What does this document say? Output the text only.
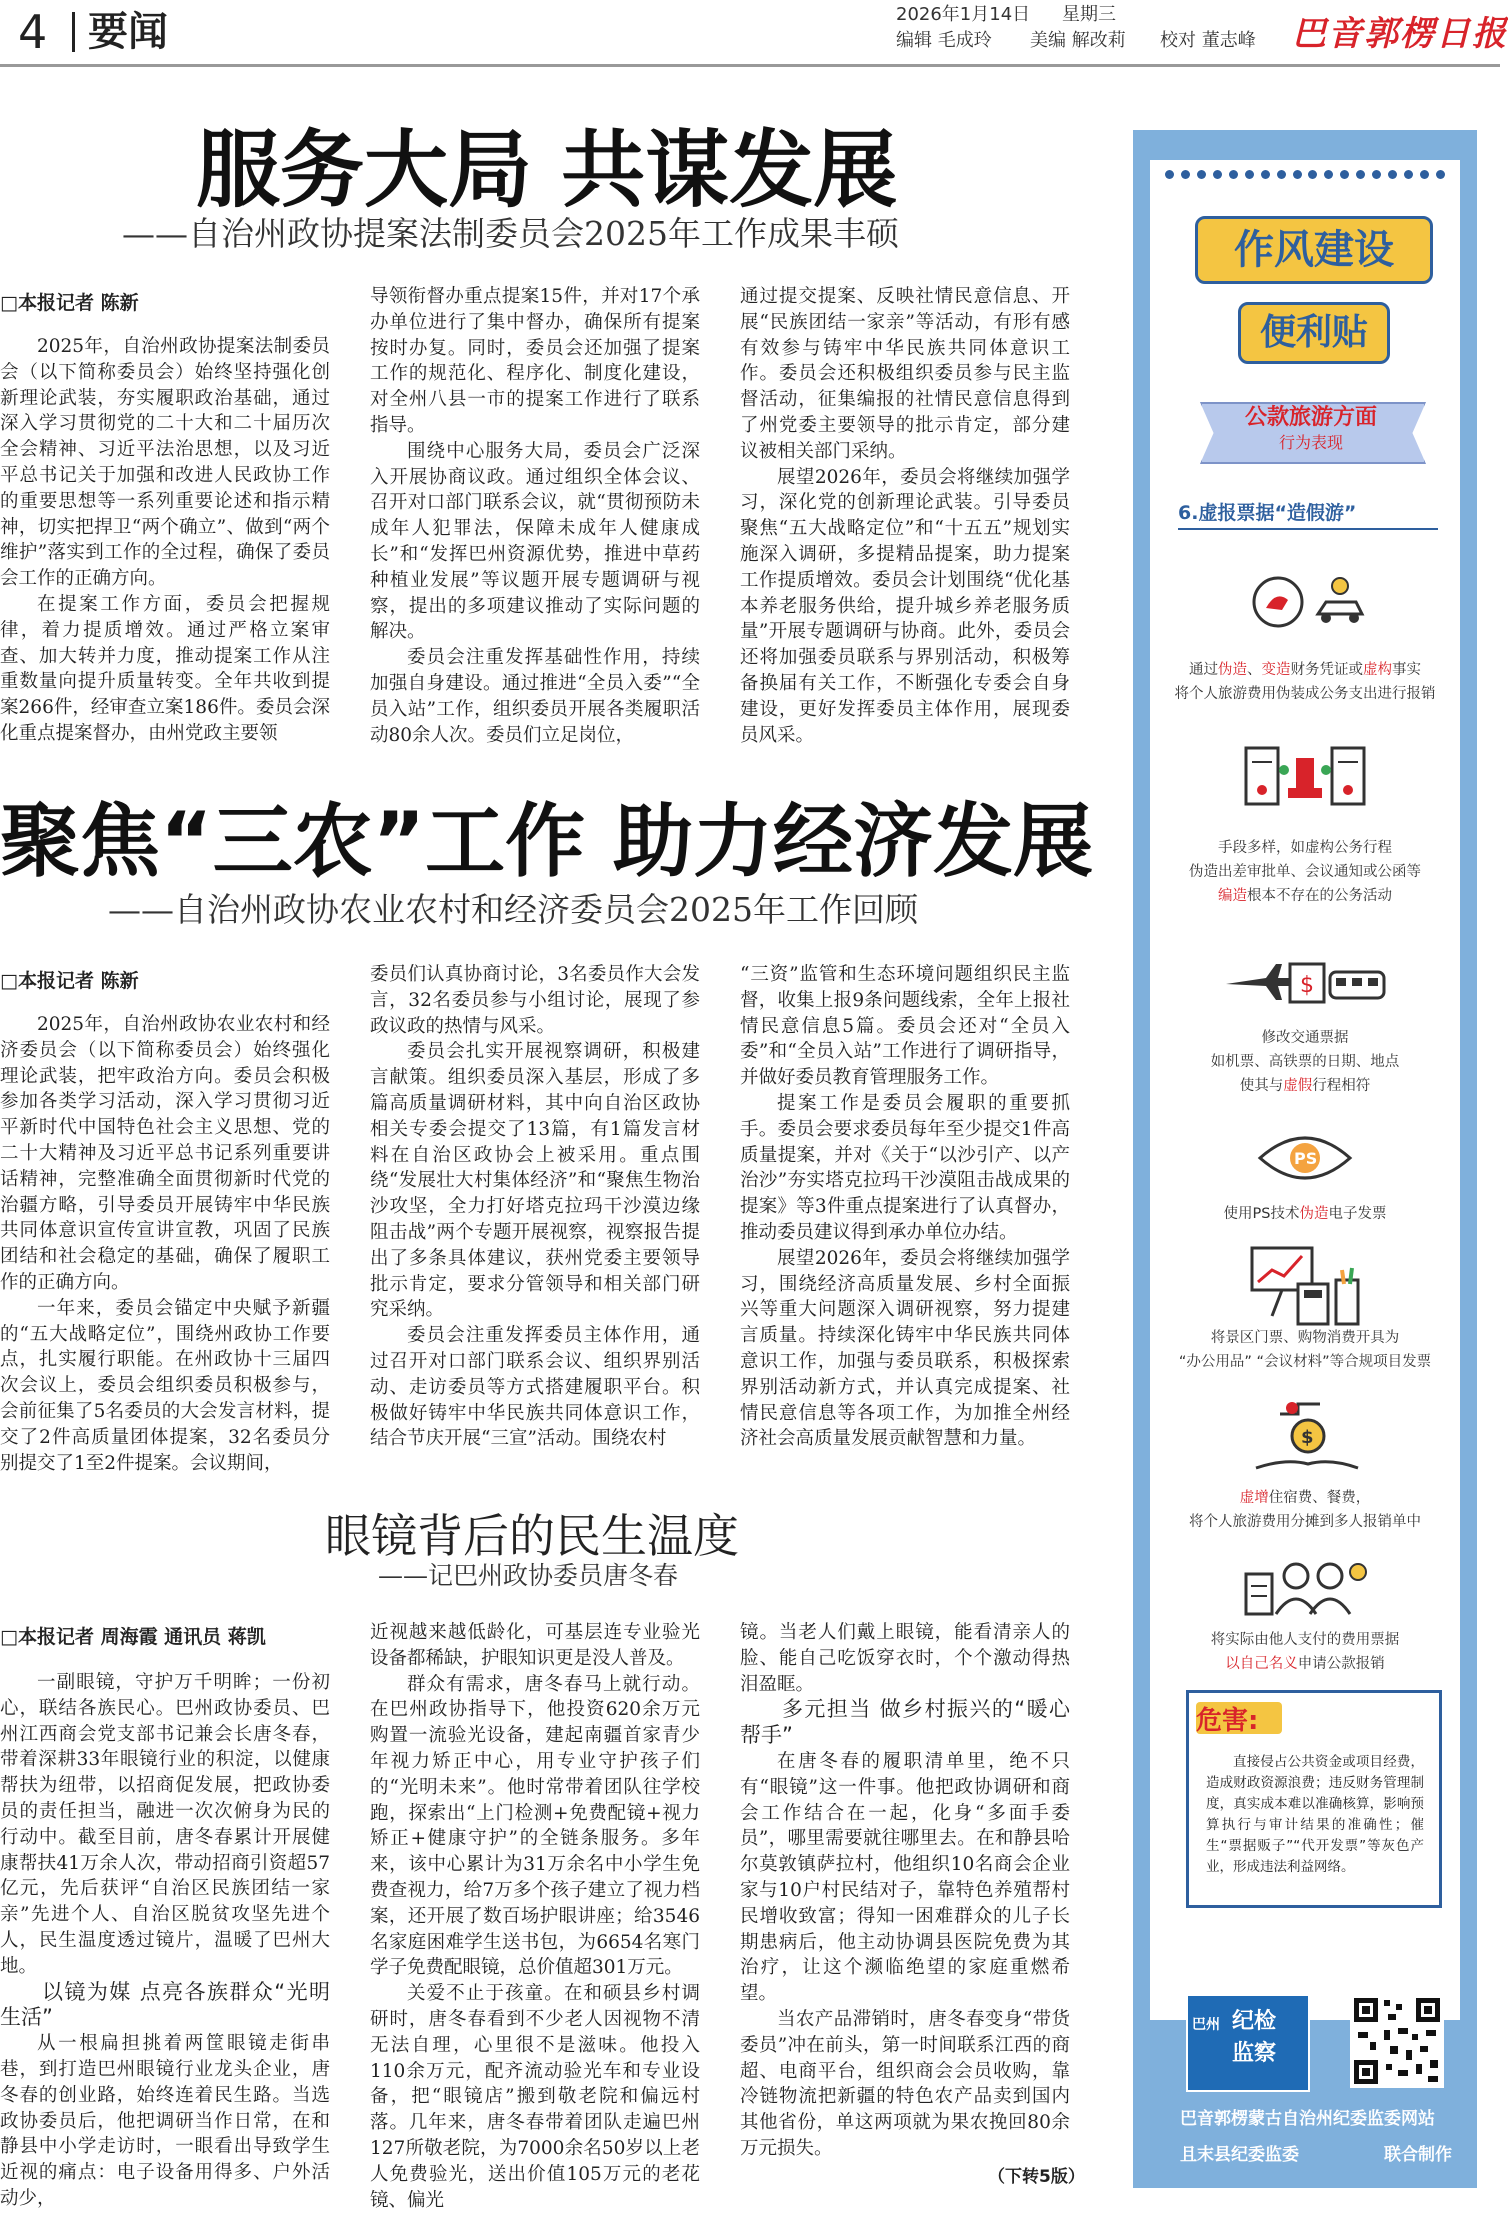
4 要闻	2026年1月14日 星期三
编辑 毛成玲 美编 解改莉 校对 董志峰 巴音郭楞日报
服务大局 共谋发展
——自治州政协提案法制委员会2025年工作成果丰硕
□本报记者 陈新

2025年，自治州政协提案法制委员会（以下简称委员会）始终坚持强化创新理论武装，夯实履职政治基础，通过深入学习贯彻党的二十大和二十届历次全会精神、习近平法治思想，以及习近平总书记关于加强和改进人民政协工作的重要思想等一系列重要论述和指示精神，切实把捍卫“两个确立”、做到“两个维护”落实到工作的全过程，确保了委员会工作的正确方向。

在提案工作方面，委员会把握规律，着力提质增效。通过严格立案审查、加大转并力度，推动提案工作从注重数量向提升质量转变。全年共收到提案266件，经审查立案186件。委员会深化重点提案督办，由州党政主要领

导领衔督办重点提案15件，并对17个承办单位进行了集中督办，确保所有提案按时办复。同时，委员会还加强了提案工作的规范化、程序化、制度化建设，对全州八县一市的提案工作进行了联系指导。

围绕中心服务大局，委员会广泛深入开展协商议政。通过组织全体会议、召开对口部门联系会议，就“贯彻预防未成年人犯罪法，保障未成年人健康成长”和“发挥巴州资源优势，推进中草药种植业发展”等议题开展专题调研与视察，提出的多项建议推动了实际问题的解决。

委员会注重发挥基础性作用，持续加强自身建设。通过推进“全员入委”“全员入站”工作，组织委员开展各类履职活动80余人次。委员们立足岗位，

通过提交提案、反映社情民意信息、开展“民族团结一家亲”等活动，有形有感有效参与铸牢中华民族共同体意识工作。委员会还积极组织委员参与民主监督活动，征集编报的社情民意信息得到了州党委主要领导的批示肯定，部分建议被相关部门采纳。

展望2026年，委员会将继续加强学习，深化党的创新理论武装。引导委员聚焦“五大战略定位”和“十五五”规划实施深入调研，多提精品提案，助力提案工作提质增效。委员会计划围绕“优化基本养老服务供给，提升城乡养老服务质量”开展专题调研与协商。此外，委员会还将加强委员联系与界别活动，积极筹备换届有关工作，不断强化专委会自身建设，更好发挥委员主体作用，展现委员风采。

聚焦“三农”工作 助力经济发展
——自治州政协农业农村和经济委员会2025年工作回顾
□本报记者 陈新

2025年，自治州政协农业农村和经济委员会（以下简称委员会）始终强化理论武装，把牢政治方向。委员会积极参加各类学习活动，深入学习贯彻习近平新时代中国特色社会主义思想、党的二十大精神及习近平总书记系列重要讲话精神，完整准确全面贯彻新时代党的治疆方略，引导委员开展铸牢中华民族共同体意识宣传宣讲宣教，巩固了民族团结和社会稳定的基础，确保了履职工作的正确方向。

一年来，委员会锚定中央赋予新疆的“五大战略定位”，围绕州政协工作要点，扎实履行职能。在州政协十三届四次会议上，委员会组织委员积极参与，会前征集了5名委员的大会发言材料，提交了2件高质量团体提案，32名委员分别提交了1至2件提案。会议期间，

委员们认真协商讨论，3名委员作大会发言，32名委员参与小组讨论，展现了参政议政的热情与风采。

委员会扎实开展视察调研，积极建言献策。组织委员深入基层，形成了多篇高质量调研材料，其中向自治区政协相关专委会提交了13篇，有1篇发言材料在自治区政协会上被采用。重点围绕“发展壮大村集体经济”和“聚焦生物治沙攻坚，全力打好塔克拉玛干沙漠边缘阻击战”两个专题开展视察，视察报告提出了多条具体建议，获州党委主要领导批示肯定，要求分管领导和相关部门研究采纳。

委员会注重发挥委员主体作用，通过召开对口部门联系会议、组织界别活动、走访委员等方式搭建履职平台。积极做好铸牢中华民族共同体意识工作，结合节庆开展“三宣”活动。围绕农村

“三资”监管和生态环境问题组织民主监督，收集上报9条问题线索，全年上报社情民意信息5篇。委员会还对“全员入委”和“全员入站”工作进行了调研指导，并做好委员教育管理服务工作。

提案工作是委员会履职的重要抓手。委员会要求委员每年至少提交1件高质量提案，并对《关于“以沙引产、以产治沙”夯实塔克拉玛干沙漠阻击战成果的提案》等3件重点提案进行了认真督办，推动委员建议得到承办单位办结。

展望2026年，委员会将继续加强学习，围绕经济高质量发展、乡村全面振兴等重大问题深入调研视察，努力提建言质量。持续深化铸牢中华民族共同体意识工作，加强与委员联系，积极探索界别活动新方式，并认真完成提案、社情民意信息等各项工作，为加推全州经济社会高质量发展贡献智慧和力量。

眼镜背后的民生温度
——记巴州政协委员唐冬春
□本报记者 周海霞 通讯员 蒋凯

一副眼镜，守护万千明眸；一份初心，联结各族民心。巴州政协委员、巴州江西商会党支部书记兼会长唐冬春，带着深耕33年眼镜行业的积淀，以健康帮扶为纽带，以招商促发展，把政协委员的责任担当，融进一次次俯身为民的行动中。截至目前，唐冬春累计开展健康帮扶41万余人次，带动招商引资超57亿元，先后获评“自治区民族团结一家亲”先进个人、自治区脱贫攻坚先进个人，民生温度透过镜片，温暖了巴州大地。

以镜为媒 点亮各族群众“光明生活”

从一根扁担挑着两筐眼镜走街串巷，到打造巴州眼镜行业龙头企业，唐冬春的创业路，始终连着民生路。当选政协委员后，他把调研当作日常，在和静县中小学走访时，一眼看出导致学生近视的痛点：电子设备用得多、户外活动少，

近视越来越低龄化，可基层连专业验光设备都稀缺，护眼知识更是没人普及。

群众有需求，唐冬春马上就行动。在巴州政协指导下，他投资620余万元购置一流验光设备，建起南疆首家青少年视力矫正中心，用专业守护孩子们的“光明未来”。他时常带着团队往学校跑，探索出“上门检测+免费配镜+视力矫正+健康守护”的全链条服务。多年来，该中心累计为31万余名中小学生免费查视力，给7万多个孩子建立了视力档案，还开展了数百场护眼讲座；给3546名家庭困难学生送书包，为6654名寒门学子免费配眼镜，总价值超301万元。

关爱不止于孩童。在和硕县乡村调研时，唐冬春看到不少老人因视物不清无法自理，心里很不是滋味。他投入110余万元，配齐流动验光车和专业设备，把“眼镜店”搬到敬老院和偏远村落。几年来，唐冬春带着团队走遍巴州127所敬老院，为7000余名50岁以上老人免费验光，送出价值105万元的老花镜、偏光

镜。当老人们戴上眼镜，能看清亲人的脸、能自己吃饭穿衣时，个个激动得热泪盈眶。

多元担当 做乡村振兴的“暖心帮手”

在唐冬春的履职清单里，绝不只有“眼镜”这一件事。他把政协调研和商会工作结合在一起，化身“多面手委员”，哪里需要就往哪里去。在和静县哈尔莫敦镇萨拉村，他组织10名商会企业家与10户村民结对子，靠特色养殖帮村民增收致富；得知一困难群众的儿子长期患病后，他主动协调县医院免费为其治疗，让这个濒临绝望的家庭重燃希望。

当农产品滞销时，唐冬春变身“带货委员”冲在前头，第一时间联系江西的商超、电商平台，组织商会会员收购，靠冷链物流把新疆的特色农产品卖到国内其他省份，单这两项就为果农挽回80余万元损失。

（下转5版）
作风建设
便利贴
公款旅游方面
行为表现
6.虚报票据“造假游”
通过伪造、变造财务凭证或虚构事实
将个人旅游费用伪装成公务支出进行报销
手段多样，如虚构公务行程
伪造出差审批单、会议通知或公函等
编造根本不存在的公务活动
$
修改交通票据
如机票、高铁票的日期、地点
使其与虚假行程相符
PS
使用PS技术伪造电子发票
将景区门票、购物消费开具为
“办公用品” “会议材料”等合规项目发票
$
虚增住宿费、餐费，
将个人旅游费用分摊到多人报销单中
将实际由他人支付的费用票据
以自己名义申请公款报销
危害:
直接侵占公共资金或项目经费，造成财政资源浪费；违反财务管理制度，真实成本难以准确核算，影响预算执行与审计结果的准确性；催生“票据贩子”“代开发票”等灰色产业，形成违法利益网络。
巴州 纪检
监察
巴音郭楞蒙古自治州纪委监委网站
且末县纪委监委	联合制作
